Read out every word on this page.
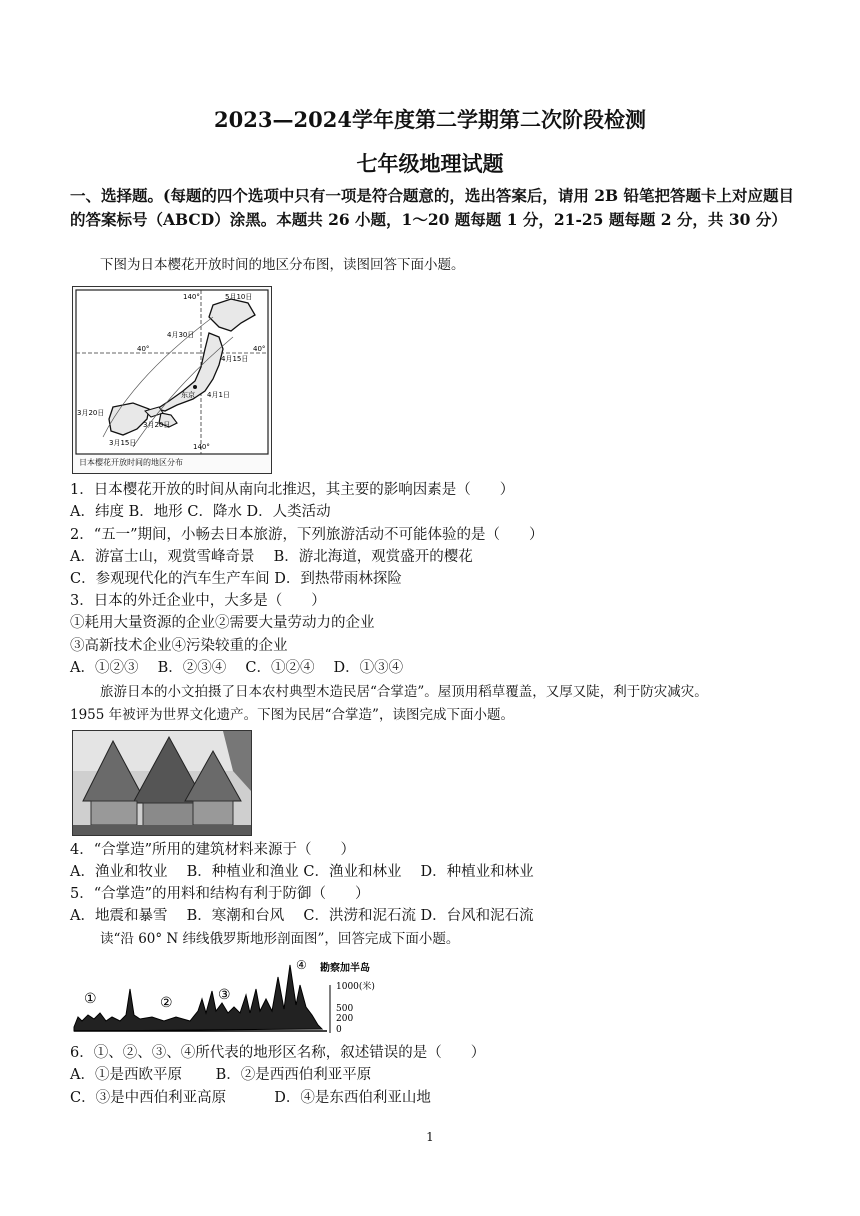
2023—2024学年度第二学期第二次阶段检测
七年级地理试题
一、选择题。(每题的四个选项中只有一项是符合题意的，选出答案后，请用 2B 铅笔把答题卡上对应题目的答案标号（ABCD）涂黑。本题共 26 小题，1～20 题每题 1 分，21-25 题每题 2 分，共 30 分）
下图为日本樱花开放时间的地区分布图，读图回答下面小题。
140°	5月10日
4月30日
40°	40°
4月15日
东京 4月1日
3月20日
3月20日
3月15日	140°
日本樱花开放时间的地区分布
1．日本樱花开放的时间从南向北推迟，其主要的影响因素是（　　）
A．纬度 B．地形 C．降水 D．人类活动
2．“五一”期间，小畅去日本旅游，下列旅游活动不可能体验的是（　　）
A．游富士山，观赏雪峰奇景　 B．游北海道，观赏盛开的樱花
C．参观现代化的汽车生产车间 D．到热带雨林探险
3．日本的外迁企业中，大多是（　　）
①耗用大量资源的企业②需要大量劳动力的企业
③高新技术企业④污染较重的企业
A．①②③　 B．②③④　 C．①②④　 D．①③④
旅游日本的小文拍摄了日本农村典型木造民居“合掌造”。屋顶用稻草覆盖，又厚又陡，利于防灾减灾。
1955 年被评为世界文化遗产。下图为民居“合掌造”，读图完成下面小题。
4．“合掌造”所用的建筑材料来源于（　　）
A．渔业和牧业　 B．种植业和渔业 C．渔业和林业　 D．种植业和林业
5．“合掌造”的用料和结构有利于防御（　　）
A．地震和暴雪　 B．寒潮和台风　 C．洪涝和泥石流 D．台风和泥石流
读“沿 60° N 纬线俄罗斯地形剖面图”，回答完成下面小题。
①	②	③
④ 勘察加半岛
1000(米)
500
200
0
6．①、②、③、④所代表的地形区名称，叙述错误的是（　　）
A．①是西欧平原　　 B．②是西西伯利亚平原
C．③是中西伯利亚高原　　　 D．④是东西伯利亚山地
1
